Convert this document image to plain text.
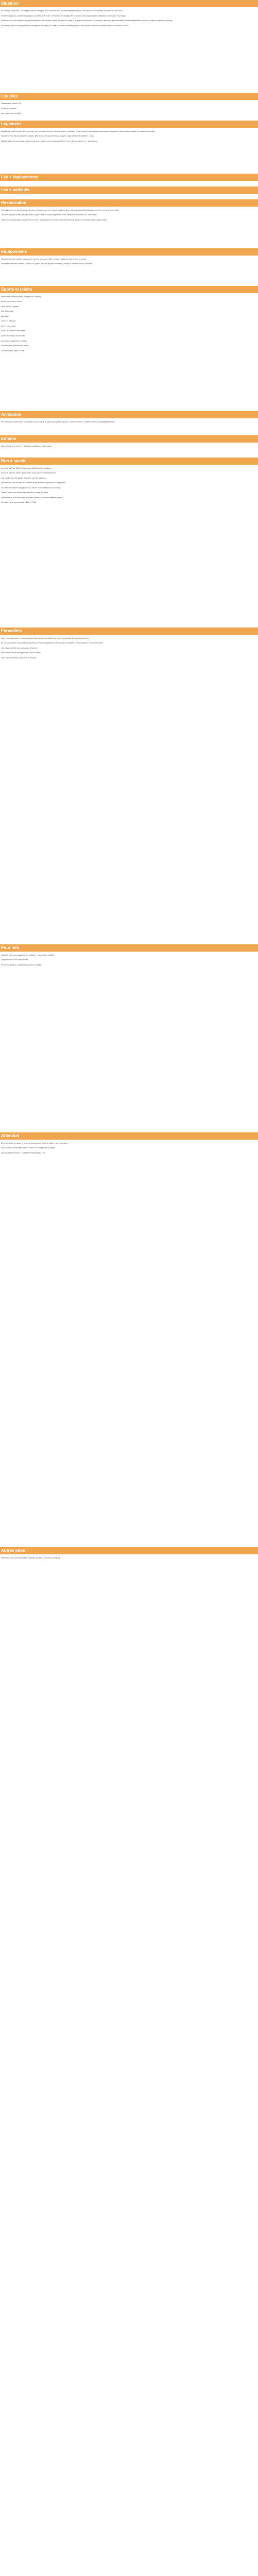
Situation

Le camping Saint-Malo Le Rossignol, situé à Bretagne, vous accueille dans un cadre exceptionnel pour des vacances inoubliables en famille ou entre amis.

Idéalement placé à proximité des plages, du centre-ville et des commerces, le camping offre un accès facile aux principales attractions touristiques de la région.

Venez découvrir les richesses du patrimoine breton, les sentiers côtiers, les ports de pêche et la gastronomie locale. Les amateurs de nature apprécieront les nombreuses balades à pied ou à vélo au départ du camping.

Le camping dispose d'emplacements ombragés et délimités pour tentes, caravanes et camping-cars, ainsi que de locations de mobil-homes et chalets tout confort.

Les plus

Ouverture de saison 2024

Accès aux navettes

Une plage privée de 2000

Logement

Location de mobil-homes 4 à 6 personnes avec terrasse couverte, salon de jardin et barbecue. Cuisine équipée avec plaques de cuisson, réfrigérateur, micro-ondes, cafetière et vaisselle complète.

Chambres avec lits doubles et lits simples, salle d'eau avec douche et WC séparés. Linge de lit et de toilette en option.

Chalets bois 2 à 4 personnes, idéal pour un séjour nature, avec terrasse privative et vue sur les espaces verts du camping.

Les + équipements
Les + activités
Restauration

Vous apprécierez le bar-restaurant du camping qui propose une cuisine traditionnelle à base de produits frais et locaux, servie en terrasse ou en salle.

Le snack propose pizzas, grillades, frites et glaces tout au long de la journée. Plats à emporter disponibles sur commande.

L'épicerie de dépannage vous permet de trouver les produits de première nécessité ainsi que le pain et les viennoiseries chaque matin.

Equipements

Piscine extérieure chauffée, pataugeoire, aire de jeux pour enfants, terrain multisport, salle de jeux et laverie.

Sanitaires modernes chauffés, accès Wi-Fi gratuit dans les espaces communs, parking et barrière d'accès sécurisée.

Sports et loisirs

Randonnée pédestre et vélo au départ du camping

Pêche en mer et en rivière

Voile, kayak et paddle

Golf à proximité

Équitation

Tennis et mini-golf

Surf et char à voile

Visites de châteaux et musées

Sorties en bateau vers les îles

Excursions organisées en saison

Animations en journée et en soirée

Club enfants en juillet et août

Animation

Des animations variées sont proposées tout au long de la saison pour petits et grands : soirées à thème, concerts, tournois sportifs et spectacles.

Enfants

Club enfants, aire de jeux et activités encadrées en haute saison.

Bon à savoir

Arrivée à partir de 15h00, départ avant 11h00 pour les locations.

Arrivée à partir de 14h00, départ avant 12h00 pour les emplacements.

Une caution sera demandée à l'arrivée pour les locations.

Les animaux sont acceptés sur certains emplacements moyennant un supplément.

Le port du bracelet est obligatoire pour l'accès aux installations du camping.

Taxe de séjour non incluse dans les tarifs, à régler sur place.

Les barbecues individuels sont autorisés selon les conditions météorologiques.

Le calme est de rigueur entre 23h00 et 7h00.

Formalités

Toute réservation doit être accompagnée d'un acompte. Le solde est à régler au plus tard 30 jours avant l'arrivée.

En cas d'annulation, les conditions générales de vente s'appliquent. Une assurance annulation est proposée lors de la réservation.

Une pièce d'identité sera demandée à l'arrivée.

Les mineurs non accompagnés ne sont pas admis.

Les visiteurs doivent se présenter à l'accueil.

Pour info

Les tarifs sont communiqués à titre indicatif et peuvent être modifiés.

Les photos sont non contractuelles.

Pour toute question, contactez l'accueil du camping.

Attention

Merci de vérifier les dates et le type d'hébergement avant de valider votre réservation.

Les conditions particulières peuvent varier selon la période de séjour.

INFORMATIONS RGPD / DONNÉES PERSONNELLES

Autres infos

Retrouvez toutes les informations pratiques auprès de l'accueil du camping.
